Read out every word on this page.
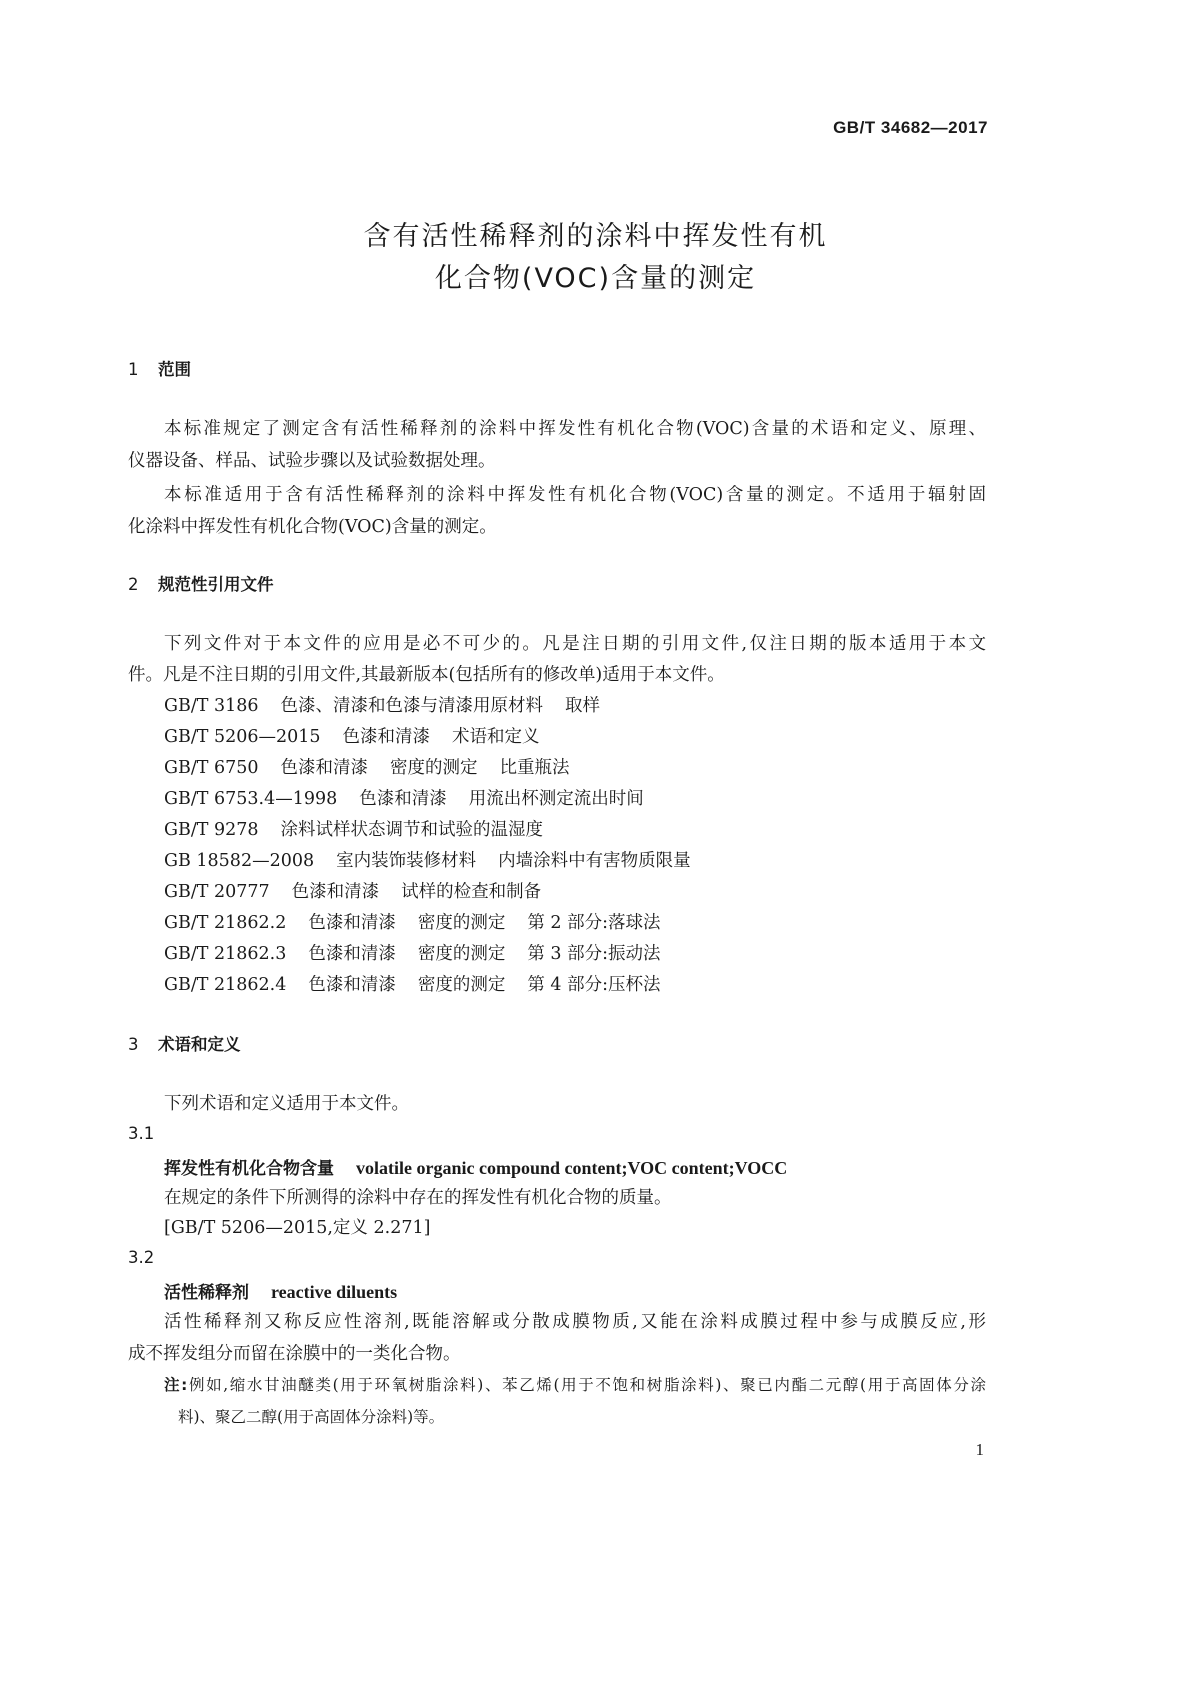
GB/T 34682—2017
含有活性稀释剂的涂料中挥发性有机
化合物(VOC)含量的测定
1 范围
本标准规定了测定含有活性稀释剂的涂料中挥发性有机化合物(VOC)含量的术语和定义、原理、
仪器设备、样品、试验步骤以及试验数据处理。
本标准适用于含有活性稀释剂的涂料中挥发性有机化合物(VOC)含量的测定。不适用于辐射固
化涂料中挥发性有机化合物(VOC)含量的测定。
2 规范性引用文件
下列文件对于本文件的应用是必不可少的。凡是注日期的引用文件,仅注日期的版本适用于本文
件。凡是不注日期的引用文件,其最新版本(包括所有的修改单)适用于本文件。
GB/T 3186 色漆、清漆和色漆与清漆用原材料 取样
GB/T 5206—2015 色漆和清漆 术语和定义
GB/T 6750 色漆和清漆 密度的测定 比重瓶法
GB/T 6753.4—1998 色漆和清漆 用流出杯测定流出时间
GB/T 9278 涂料试样状态调节和试验的温湿度
GB 18582—2008 室内装饰装修材料 内墙涂料中有害物质限量
GB/T 20777 色漆和清漆 试样的检查和制备
GB/T 21862.2 色漆和清漆 密度的测定 第 2 部分:落球法
GB/T 21862.3 色漆和清漆 密度的测定 第 3 部分:振动法
GB/T 21862.4 色漆和清漆 密度的测定 第 4 部分:压杯法
3 术语和定义
下列术语和定义适用于本文件。
3.1
挥发性有机化合物含量 volatile organic compound content;VOC content;VOCC
在规定的条件下所测得的涂料中存在的挥发性有机化合物的质量。
[GB/T 5206—2015,定义 2.271]
3.2
活性稀释剂 reactive diluents
活性稀释剂又称反应性溶剂,既能溶解或分散成膜物质,又能在涂料成膜过程中参与成膜反应,形
成不挥发组分而留在涂膜中的一类化合物。
注:例如,缩水甘油醚类(用于环氧树脂涂料)、苯乙烯(用于不饱和树脂涂料)、聚已内酯二元醇(用于高固体分涂
料)、聚乙二醇(用于高固体分涂料)等。
1
